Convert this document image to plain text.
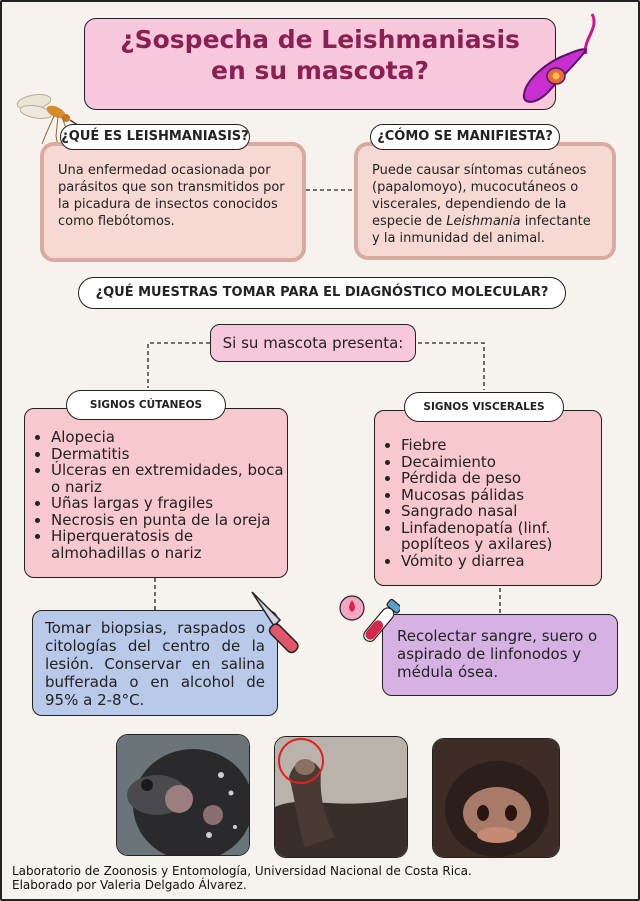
¿Sospecha de Leishmaniasis
en su mascota?
Una enfermedad ocasionada por parásitos que son transmitidos por la picadura de insectos conocidos como flebótomos.
¿QUÉ ES LEISHMANIASIS?
Puede causar síntomas cutáneos (papalomoyo), mucocutáneos o viscerales, dependiendo de la especie de Leishmania infectante y la inmunidad del animal.
¿CÓMO SE MANIFIESTA?
¿QUÉ MUESTRAS TOMAR PARA EL DIAGNÓSTICO MOLECULAR?
Si su mascota presenta:
• Alopecia
• Dermatitis
• Úlceras en extremidades, boca o nariz
• Uñas largas y fragiles
• Necrosis en punta de la oreja
• Hiperqueratosis de almohadillas o nariz
SIGNOS CÚTANEOS
• Fiebre
• Decaimiento
• Pérdida de peso
• Mucosas pálidas
• Sangrado nasal
• Linfadenopatía (linf. poplíteos y axilares)
• Vómito y diarrea
SIGNOS VISCERALES
Tomar biopsias, raspados o citologías del centro de la lesión. Conservar en salina bufferada o en alcohol de 95% a 2-8°C.
Recolectar sangre, suero o aspirado de linfonodos y médula ósea.
Laboratorio de Zoonosis y Entomología, Universidad Nacional de Costa Rica.
Elaborado por Valeria Delgado Álvarez.
